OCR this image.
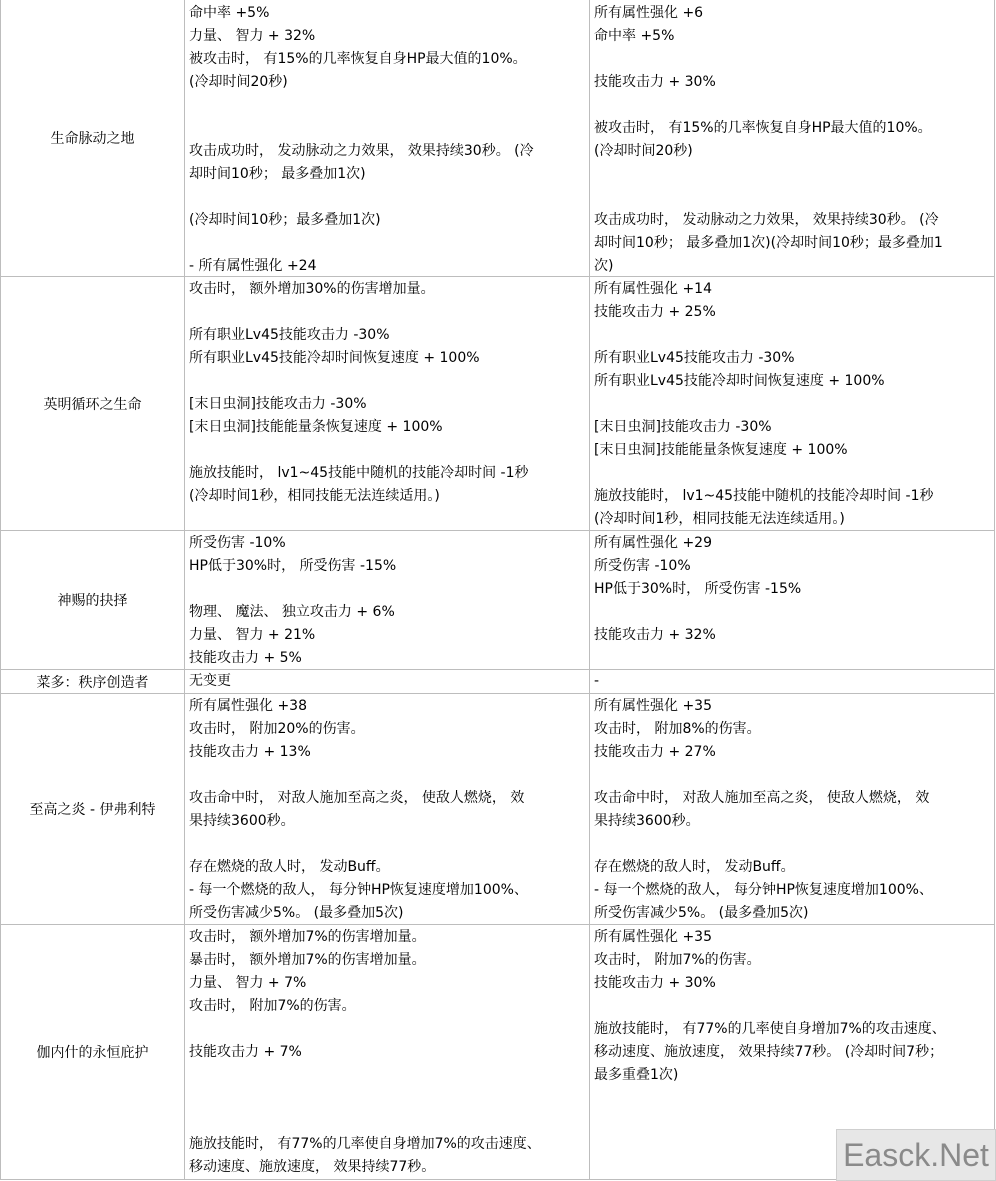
生命脉动之地
命中率 +5%
力量、 智力 + 32%
被攻击时， 有15%的几率恢复自身HP最大值的10%。
(冷却时间20秒)
攻击成功时， 发动脉动之力效果， 效果持续30秒。 (冷
却时间10秒； 最多叠加1次)
(冷却时间10秒；最多叠加1次)
- 所有属性强化 +24
所有属性强化 +6
命中率 +5%
技能攻击力 + 30%
被攻击时， 有15%的几率恢复自身HP最大值的10%。
(冷却时间20秒)
攻击成功时， 发动脉动之力效果， 效果持续30秒。 (冷
却时间10秒； 最多叠加1次)(冷却时间10秒；最多叠加1
次)
英明循环之生命
攻击时， 额外增加30%的伤害增加量。
所有职业Lv45技能攻击力 -30%
所有职业Lv45技能冷却时间恢复速度 + 100%
[末日虫洞]技能攻击力 -30%
[末日虫洞]技能能量条恢复速度 + 100%
施放技能时， lv1~45技能中随机的技能冷却时间 -1秒
(冷却时间1秒，相同技能无法连续适用。)
所有属性强化 +14
技能攻击力 + 25%
所有职业Lv45技能攻击力 -30%
所有职业Lv45技能冷却时间恢复速度 + 100%
[末日虫洞]技能攻击力 -30%
[末日虫洞]技能能量条恢复速度 + 100%
施放技能时， lv1~45技能中随机的技能冷却时间 -1秒
(冷却时间1秒，相同技能无法连续适用。)
神赐的抉择
所受伤害 -10%
HP低于30%时， 所受伤害 -15%
物理、 魔法、 独立攻击力 + 6%
力量、 智力 + 21%
技能攻击力 + 5%
所有属性强化 +29
所受伤害 -10%
HP低于30%时， 所受伤害 -15%
技能攻击力 + 32%
菜多：秩序创造者	无变更	-
至高之炎 - 伊弗利特
所有属性强化 +38
攻击时， 附加20%的伤害。
技能攻击力 + 13%
攻击命中时， 对敌人施加至高之炎， 使敌人燃烧， 效
果持续3600秒。
存在燃烧的敌人时， 发动Buff。
- 每一个燃烧的敌人， 每分钟HP恢复速度增加100%、
所受伤害减少5%。 (最多叠加5次)
所有属性强化 +35
攻击时， 附加8%的伤害。
技能攻击力 + 27%
攻击命中时， 对敌人施加至高之炎， 使敌人燃烧， 效
果持续3600秒。
存在燃烧的敌人时， 发动Buff。
- 每一个燃烧的敌人， 每分钟HP恢复速度增加100%、
所受伤害减少5%。 (最多叠加5次)
伽内什的永恒庇护
攻击时， 额外增加7%的伤害增加量。
暴击时， 额外增加7%的伤害增加量。
力量、 智力 + 7%
攻击时， 附加7%的伤害。
技能攻击力 + 7%
施放技能时， 有77%的几率使自身增加7%的攻击速度、
移动速度、施放速度， 效果持续77秒。
所有属性强化 +35
攻击时， 附加7%的伤害。
技能攻击力 + 30%
施放技能时， 有77%的几率使自身增加7%的攻击速度、
移动速度、施放速度， 效果持续77秒。 (冷却时间7秒；
最多重叠1次)
Easck.Net
